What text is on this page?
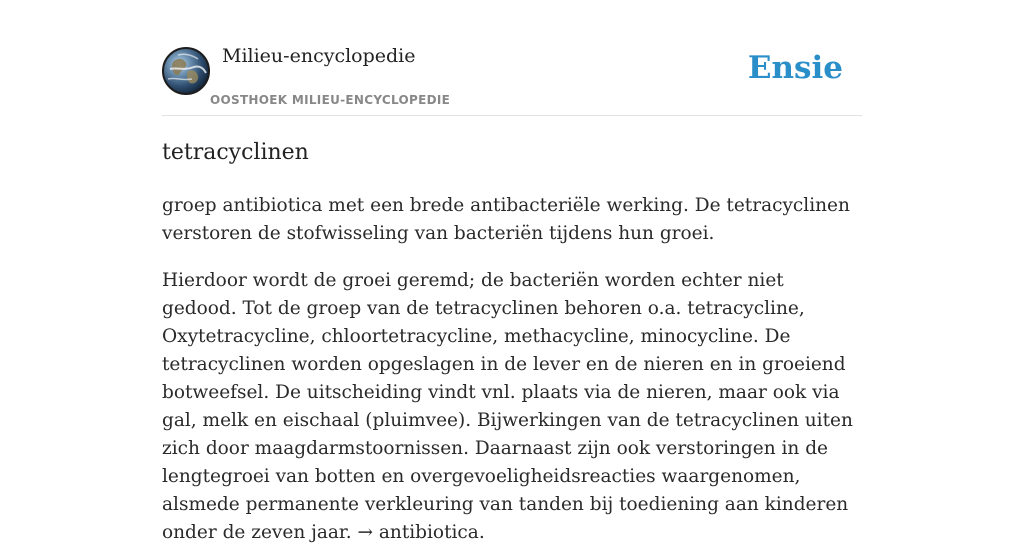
Milieu-encyclopedie
OOSTHOEK MILIEU-ENCYCLOPEDIE
Ensie
tetracyclinen

groep antibiotica met een brede antibacteriële werking. De tetracyclinen verstoren de stofwisseling van bacteriën tijdens hun groei.

Hierdoor wordt de groei geremd; de bacteriën worden echter niet gedood. Tot de groep van de tetracyclinen behoren o.a. tetracycline, Oxytetracycline, chloortetracycline, methacycline, minocycline. De tetracyclinen worden opgeslagen in de lever en de nieren en in groeiend botweefsel. De uitscheiding vindt vnl. plaats via de nieren, maar ook via gal, melk en eischaal (pluimvee). Bijwerkingen van de tetracyclinen uiten zich door maagdarmstoornissen. Daarnaast zijn ook verstoringen in de lengtegroei van botten en overgevoeligheidsreacties waargenomen, alsmede permanente verkleuring van tanden bij toediening aan kinderen onder de zeven jaar. → antibiotica.
